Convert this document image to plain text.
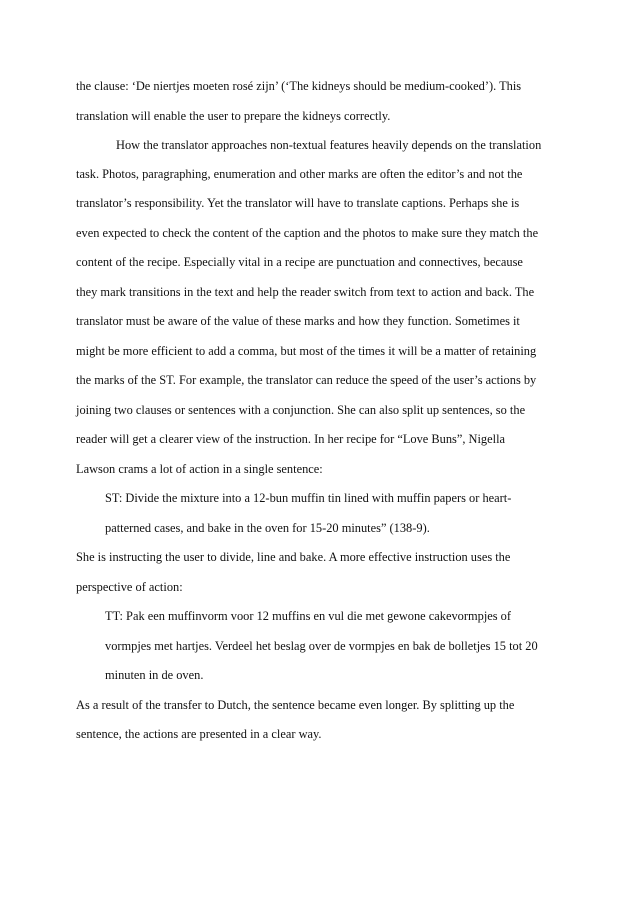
the clause: ‘De niertjes moeten rosé zijn’ (‘The kidneys should be medium-cooked’). This
translation will enable the user to prepare the kidneys correctly.
How the translator approaches non-textual features heavily depends on the translation
task. Photos, paragraphing, enumeration and other marks are often the editor’s and not the
translator’s responsibility. Yet the translator will have to translate captions. Perhaps she is
even expected to check the content of the caption and the photos to make sure they match the
content of the recipe. Especially vital in a recipe are punctuation and connectives, because
they mark transitions in the text and help the reader switch from text to action and back. The
translator must be aware of the value of these marks and how they function. Sometimes it
might be more efficient to add a comma, but most of the times it will be a matter of retaining
the marks of the ST. For example, the translator can reduce the speed of the user’s actions by
joining two clauses or sentences with a conjunction. She can also split up sentences, so the
reader will get a clearer view of the instruction. In her recipe for “Love Buns”, Nigella
Lawson crams a lot of action in a single sentence:
ST: Divide the mixture into a 12-bun muffin tin lined with muffin papers or heart-
patterned cases, and bake in the oven for 15-20 minutes” (138-9).
She is instructing the user to divide, line and bake. A more effective instruction uses the
perspective of action:
TT: Pak een muffinvorm voor 12 muffins en vul die met gewone cakevormpjes of
vormpjes met hartjes. Verdeel het beslag over de vormpjes en bak de bolletjes 15 tot 20
minuten in de oven.
As a result of the transfer to Dutch, the sentence became even longer. By splitting up the
sentence, the actions are presented in a clear way.
